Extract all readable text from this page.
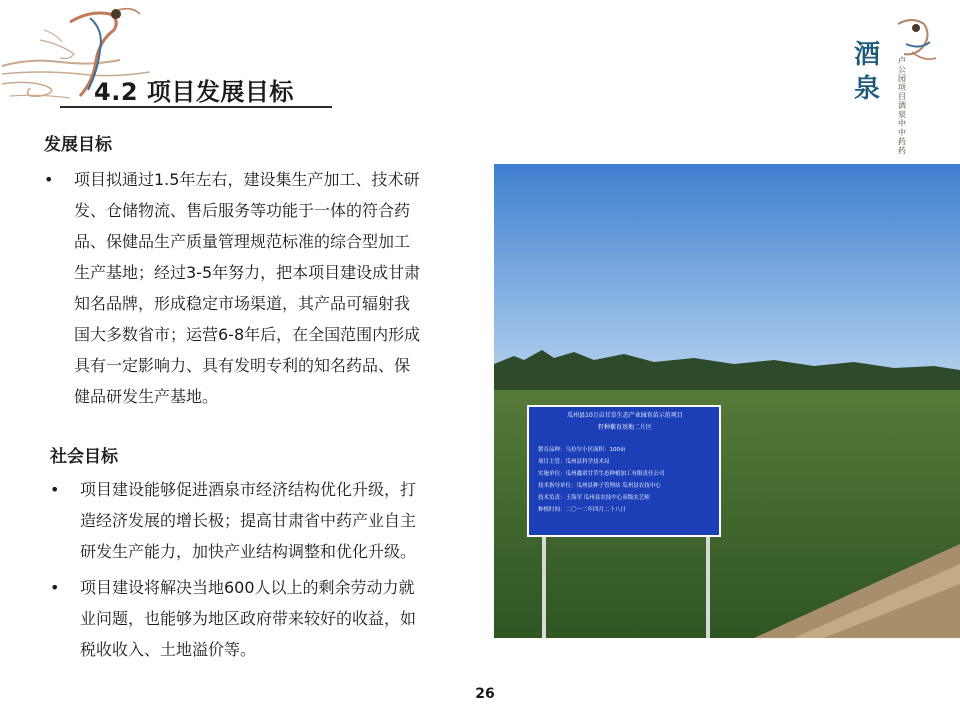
4.2 项目发展目标
酒
泉
卢公园项目 酒泉中中药药
发展目标
• 项目拟通过1.5年左右，建设集生产加工、技术研
发、仓储物流、售后服务等功能于一体的符合药
品、保健品生产质量管理规范标准的综合型加工
生产基地；经过3-5年努力，把本项目建设成甘肃
知名品牌，形成稳定市场渠道，其产品可辐射我
国大多数省市；运营6-8年后，在全国范围内形成
具有一定影响力、具有发明专利的知名药品、保
健品研发生产基地。
社会目标
• 项目建设能够促进酒泉市经济结构优化升级，打
造经济发展的增长极；提高甘肃省中药产业自主
研发生产能力，加快产业结构调整和优化升级。
• 项目建设将解决当地600人以上的剩余劳动力就
业问题，也能够为地区政府带来较好的收益，如
税收收入、土地溢价等。
瓜州县10万亩甘草生态产业园育苗示范项目
籽种繁育基地二片区
繁育品种：乌拉尔小区面积：100亩
项目主管：瓜州县科学技术局
实施单位：瓜州鑫诺甘草生态种植加工有限责任公司
技术指导单位：瓜州县种子管理站 瓜州县农技中心
技术负责：王海军 瓜州县农技中心高级农艺师
种植时间：二〇一二年四月二十八日
26
